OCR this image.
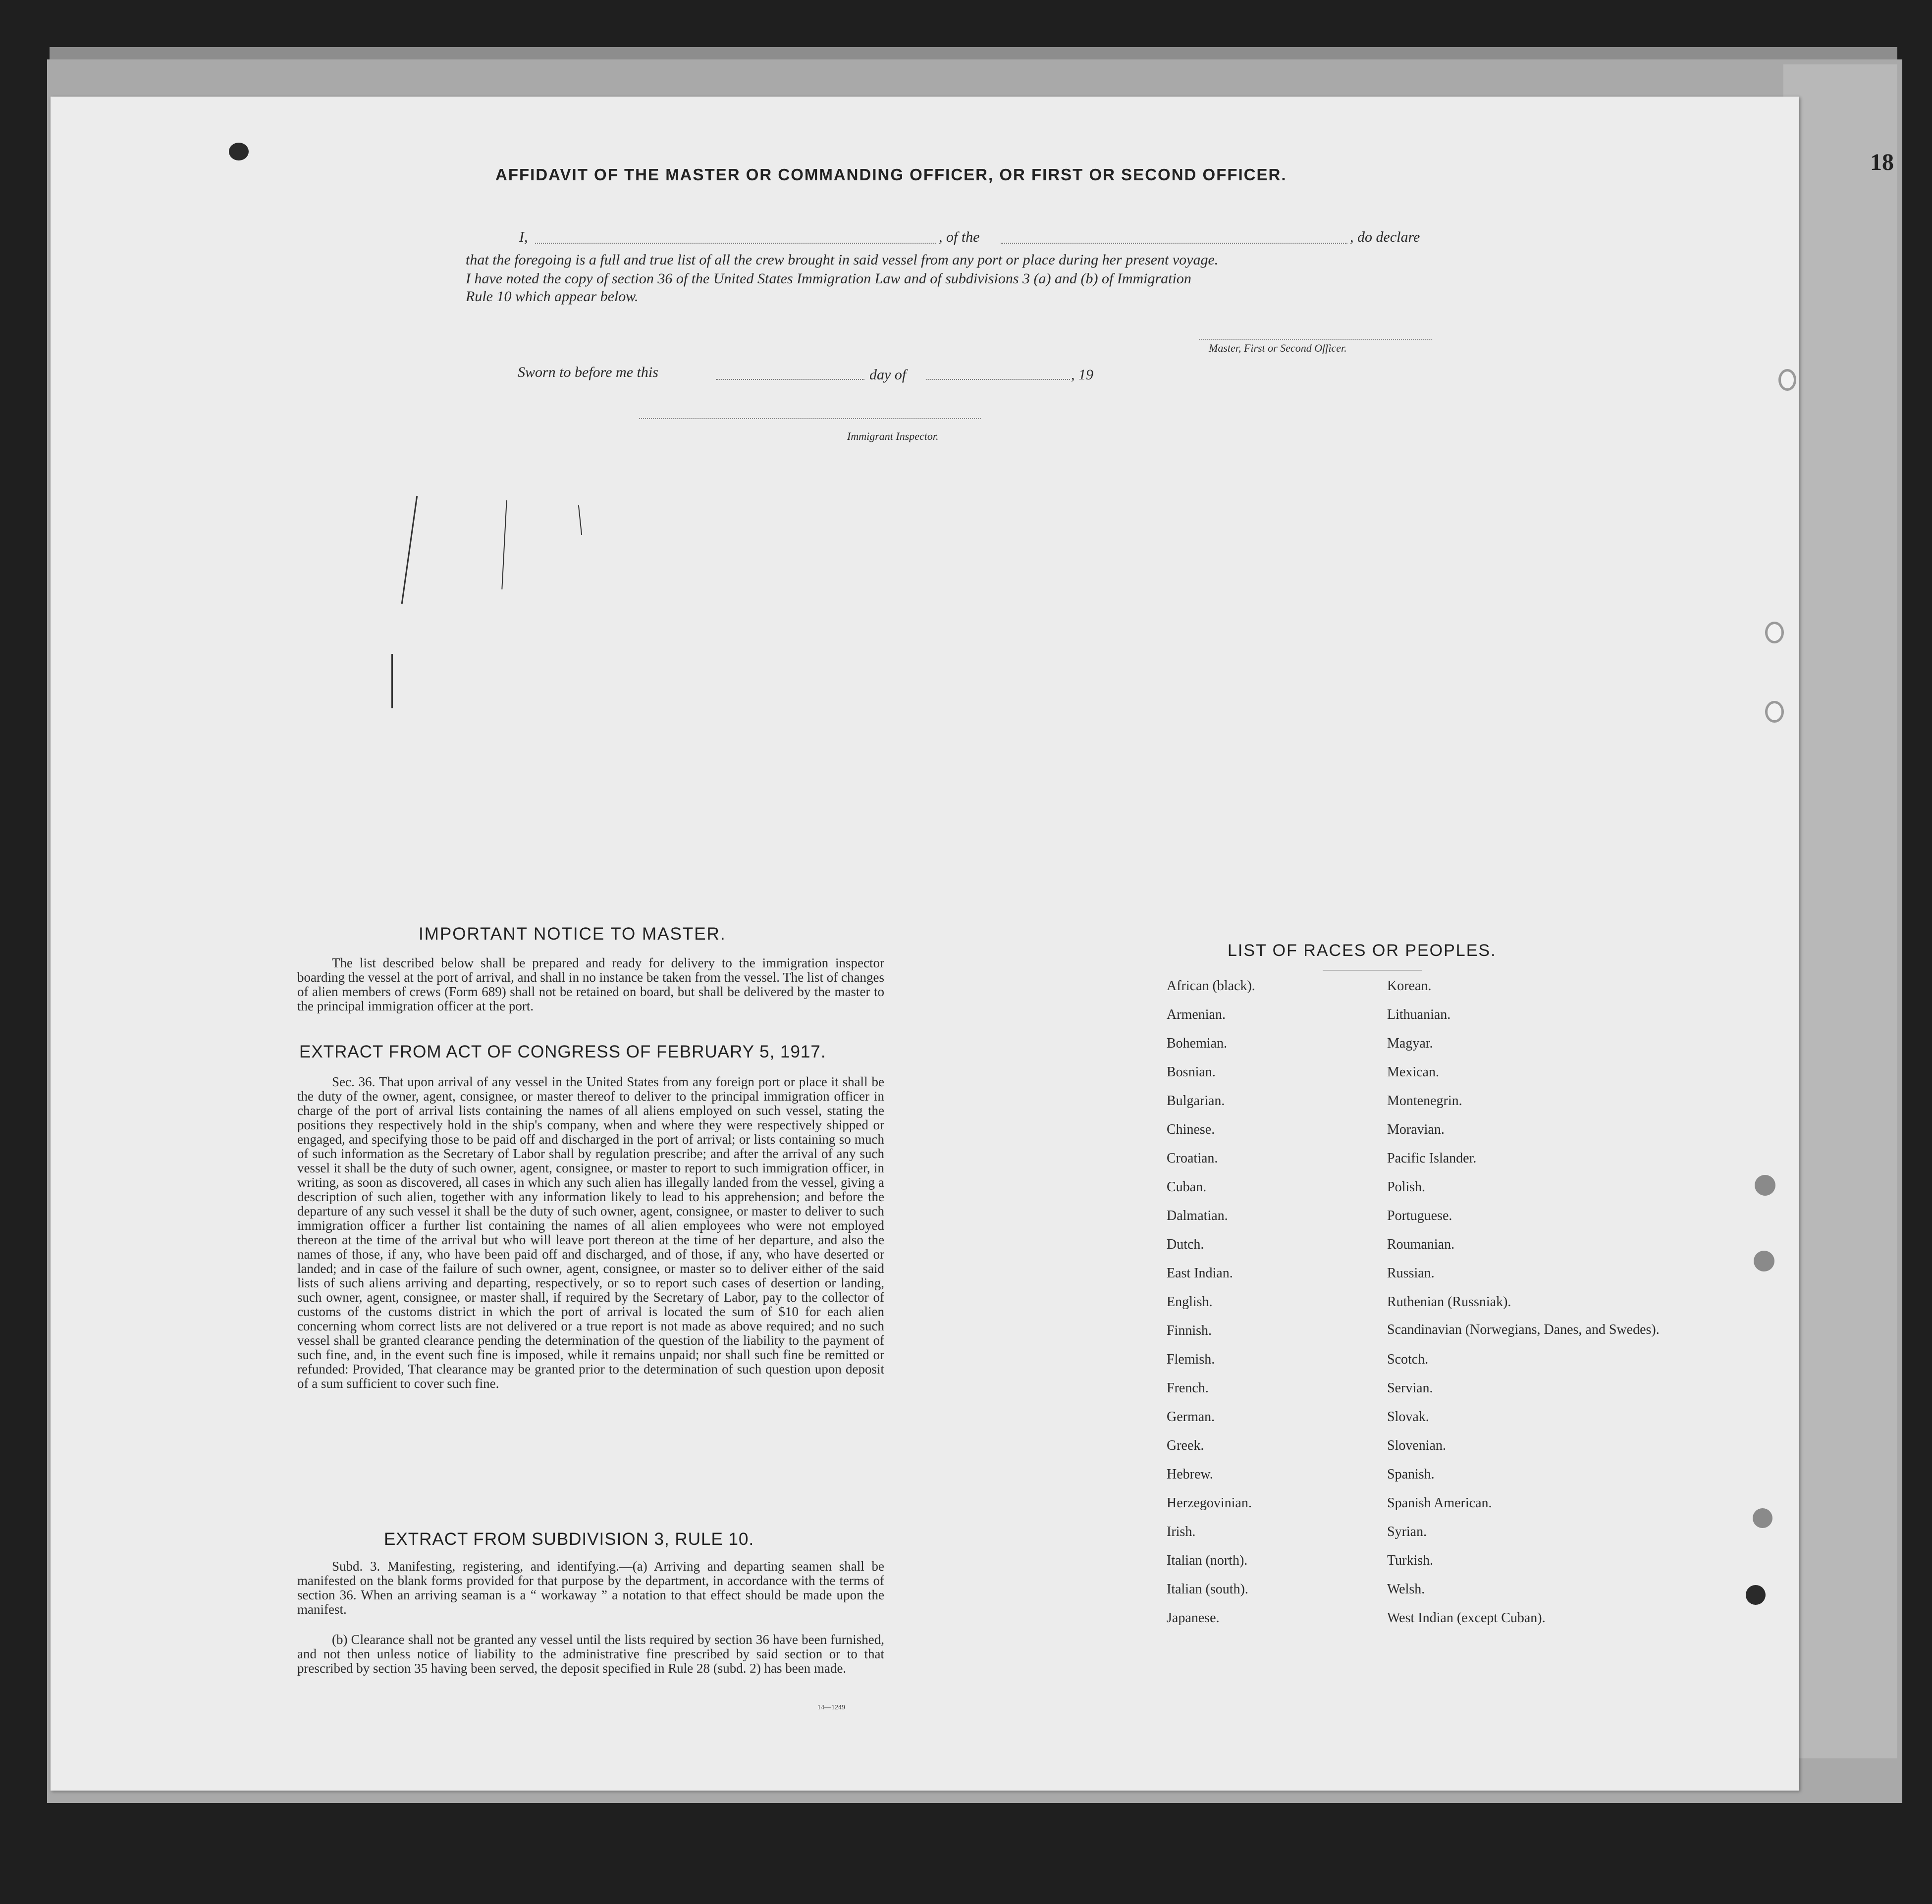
18
AFFIDAVIT OF THE MASTER OR COMMANDING OFFICER, OR FIRST OR SECOND OFFICER.
I,	, of the	, do declare
that the foregoing is a full and true list of all the crew brought in said vessel from any port or place during her present voyage.
I have noted the copy of section 36 of the United States Immigration Law and of subdivisions 3 (a) and (b) of Immigration
Rule 10 which appear below.
Master, First or Second Officer.
Sworn to before me this	day of	, 19
Immigrant Inspector.
IMPORTANT NOTICE TO MASTER.

The list described below shall be prepared and ready for delivery to the immigration inspector boarding the vessel at the port of arrival, and shall in no instance be taken from the vessel. The list of changes of alien members of crews (Form 689) shall not be retained on board, but shall be delivered by the master to the principal immigration officer at the port.

EXTRACT FROM ACT OF CONGRESS OF FEBRUARY 5, 1917.

Sec. 36. That upon arrival of any vessel in the United States from any foreign port or place it shall be the duty of the owner, agent, consignee, or master thereof to deliver to the principal immigration officer in charge of the port of arrival lists containing the names of all aliens employed on such vessel, stating the positions they respectively hold in the ship's company, when and where they were respectively shipped or engaged, and specifying those to be paid off and discharged in the port of arrival; or lists containing so much of such information as the Secretary of Labor shall by regulation prescribe; and after the arrival of any such vessel it shall be the duty of such owner, agent, consignee, or master to report to such immigration officer, in writing, as soon as discovered, all cases in which any such alien has illegally landed from the vessel, giving a description of such alien, together with any information likely to lead to his apprehension; and before the departure of any such vessel it shall be the duty of such owner, agent, consignee, or master to deliver to such immigration officer a further list containing the names of all alien employees who were not employed thereon at the time of the arrival but who will leave port thereon at the time of her departure, and also the names of those, if any, who have been paid off and discharged, and of those, if any, who have deserted or landed; and in case of the failure of such owner, agent, consignee, or master so to deliver either of the said lists of such aliens arriving and departing, respectively, or so to report such cases of desertion or landing, such owner, agent, consignee, or master shall, if required by the Secretary of Labor, pay to the collector of customs of the customs district in which the port of arrival is located the sum of $10 for each alien concerning whom correct lists are not delivered or a true report is not made as above required; and no such vessel shall be granted clearance pending the determination of the question of the liability to the payment of such fine, and, in the event such fine is imposed, while it remains unpaid; nor shall such fine be remitted or refunded: Provided, That clearance may be granted prior to the determination of such question upon deposit of a sum sufficient to cover such fine.

EXTRACT FROM SUBDIVISION 3, RULE 10.

Subd. 3. Manifesting, registering, and identifying.—(a) Arriving and departing seamen shall be manifested on the blank forms provided for that purpose by the department, in accordance with the terms of section 36. When an arriving seaman is a “ workaway ” a notation to that effect should be made upon the manifest.

(b) Clearance shall not be granted any vessel until the lists required by section 36 have been furnished, and not then unless notice of liability to the administrative fine prescribed by said section or to that prescribed by section 35 having been served, the deposit specified in Rule 28 (subd. 2) has been made.

14—1249
LIST OF RACES OR PEOPLES.
African (black).
Armenian.
Bohemian.
Bosnian.
Bulgarian.
Chinese.
Croatian.
Cuban.
Dalmatian.
Dutch.
East Indian.
English.
Finnish.
Flemish.
French.
German.
Greek.
Hebrew.
Herzegovinian.
Irish.
Italian (north).
Italian (south).
Japanese.
Korean.
Lithuanian.
Magyar.
Mexican.
Montenegrin.
Moravian.
Pacific Islander.
Polish.
Portuguese.
Roumanian.
Russian.
Ruthenian (Russniak).
Scandinavian (Norwegians, Danes, and Swedes).
Scotch.
Servian.
Slovak.
Slovenian.
Spanish.
Spanish American.
Syrian.
Turkish.
Welsh.
West Indian (except Cuban).
